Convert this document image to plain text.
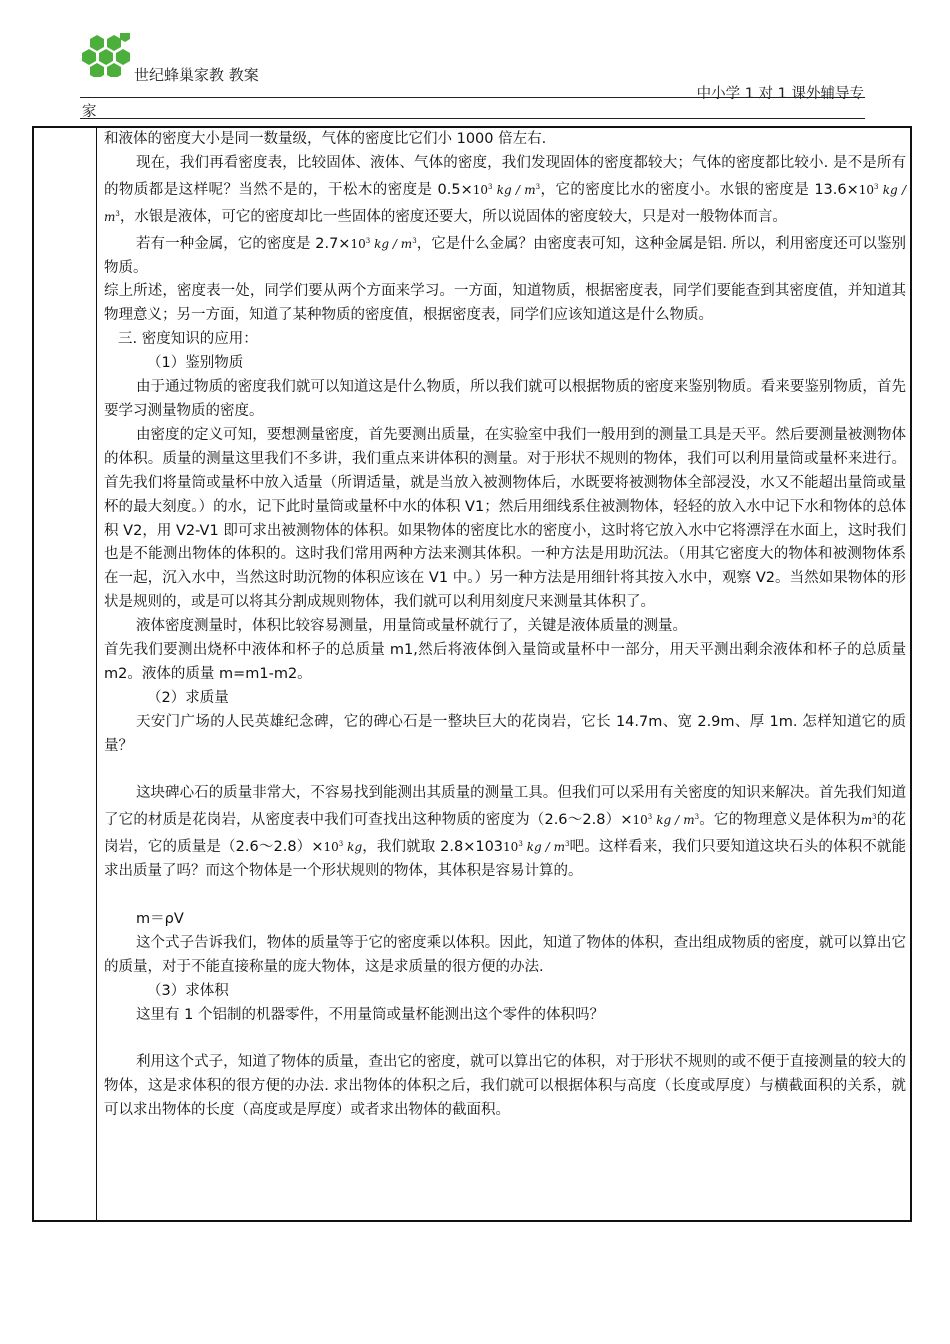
世纪蜂巢家教 教案
中小学 1 对 1 课外辅导专
家

和液体的密度大小是同一数量级，气体的密度比它们小 1000 倍左右.

现在，我们再看密度表，比较固体、液体、气体的密度，我们发现固体的密度都较大；气体的密度都比较小. 是不是所有的物质都是这样呢？当然不是的，干松木的密度是 $0.5\times 10^3$ kg / $m^3$，它的密度比水的密度小。水银的密度是 $13.6\times 10^3$ kg / $m^3$，水银是液体，可它的密度却比一些固体的密度还要大，所以说固体的密度较大，只是对一般物体而言。

若有一种金属，它的密度是 $2.7\times 10^3$ kg / $m^3$，它是什么金属？由密度表可知，这种金属是铝. 所以，利用密度还可以鉴别物质。

综上所述，密度表一处，同学们要从两个方面来学习。一方面，知道物质，根据密度表，同学们要能查到其密度值，并知道其物理意义；另一方面，知道了某种物质的密度值，根据密度表，同学们应该知道这是什么物质。

三. 密度知识的应用：

（1）鉴别物质

由于通过物质的密度我们就可以知道这是什么物质，所以我们就可以根据物质的密度来鉴别物质。看来要鉴别物质，首先要学习测量物质的密度。

由密度的定义可知，要想测量密度，首先要测出质量，在实验室中我们一般用到的测量工具是天平。然后要测量被测物体的体积。质量的测量这里我们不多讲，我们重点来讲体积的测量。对于形状不规则的物体，我们可以利用量筒或量杯来进行。首先我们将量筒或量杯中放入适量（所谓适量，就是当放入被测物体后，水既要将被测物体全部浸没，水又不能超出量筒或量杯的最大刻度。）的水，记下此时量筒或量杯中水的体积 V1；然后用细线系住被测物体，轻轻的放入水中记下水和物体的总体积 V2，用 V2-V1 即可求出被测物体的体积。如果物体的密度比水的密度小，这时将它放入水中它将漂浮在水面上，这时我们也是不能测出物体的体积的。这时我们常用两种方法来测其体积。一种方法是用助沉法。（用其它密度大的物体和被测物体系在一起，沉入水中，当然这时助沉物的体积应该在 V1 中。）另一种方法是用细针将其按入水中，观察 V2。当然如果物体的形状是规则的，或是可以将其分割成规则物体，我们就可以利用刻度尺来测量其体积了。

液体密度测量时，体积比较容易测量，用量筒或量杯就行了，关键是液体质量的测量。

首先我们要测出烧杯中液体和杯子的总质量 m1,然后将液体倒入量筒或量杯中一部分，用天平测出剩余液体和杯子的总质量 m2。液体的质量 m=m1-m2。

（2）求质量

天安门广场的人民英雄纪念碑，它的碑心石是一整块巨大的花岗岩，它长 14.7m、宽 2.9m、厚 1m. 怎样知道它的质量？

这块碑心石的质量非常大，不容易找到能测出其质量的测量工具。但我们可以采用有关密度的知识来解决。首先我们知道了它的材质是花岗岩，从密度表中我们可查找出这种物质的密度为$(2.6\sim 2.8)\times 10^3$ kg / $m^3$。它的物理意义是体积为$m^3$的花岗岩，它的质量是$(2.6\sim 2.8)\times 10^3$ kg，我们就取 $2.8\times 10310^3$ kg / $m^3$吧。这样看来，我们只要知道这块石头的体积不就能求出质量了吗？而这个物体是一个形状规则的物体，其体积是容易计算的。

m＝ρV

这个式子告诉我们，物体的质量等于它的密度乘以体积。因此，知道了物体的体积，查出组成物质的密度，就可以算出它的质量，对于不能直接称量的庞大物体，这是求质量的很方便的办法.

（3）求体积

这里有 1 个铝制的机器零件，不用量筒或量杯能测出这个零件的体积吗？

利用这个式子，知道了物体的质量，查出它的密度，就可以算出它的体积，对于形状不规则的或不便于直接测量的较大的物体，这是求体积的很方便的办法. 求出物体的体积之后，我们就可以根据体积与高度（长度或厚度）与横截面积的关系，就可以求出物体的长度（高度或是厚度）或者求出物体的截面积。
